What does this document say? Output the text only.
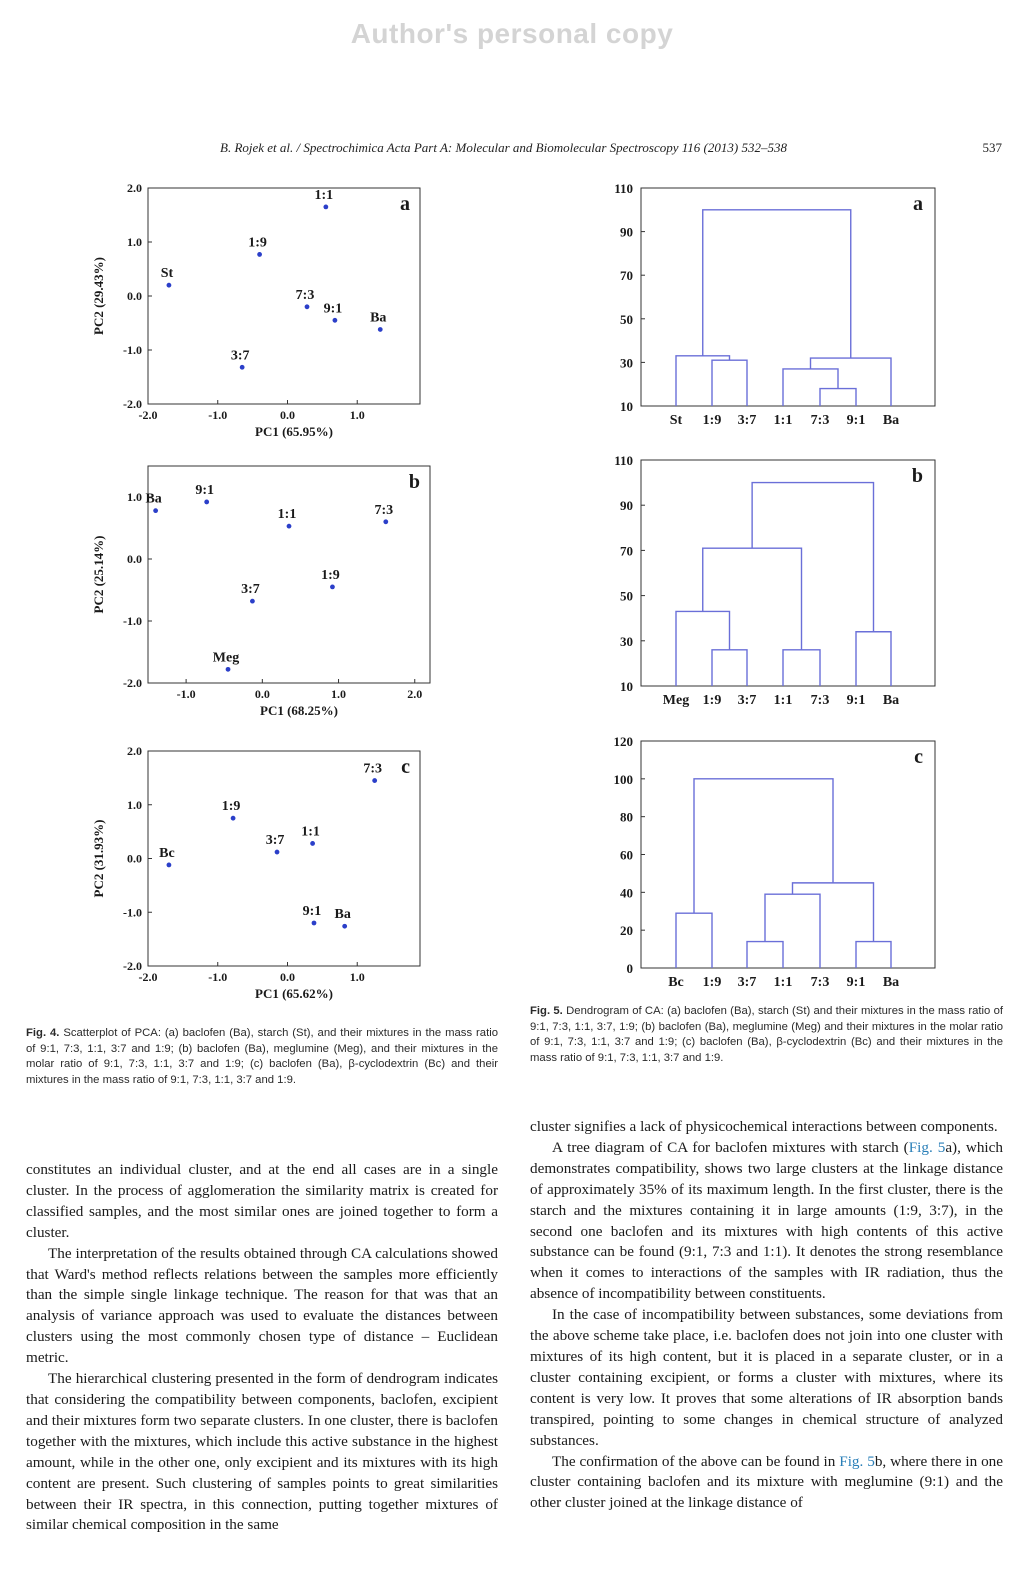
Author's personal copy
B. Rojek et al. / Spectrochimica Acta Part A: Molecular and Biomolecular Spectroscopy 116 (2013) 532–538	537
-2.0	-1.0	0.0	1.0
2.0
1.0
0.0
-1.0
-2.0
PC1 (65.95%)
PC2 (29.43%)
a
1:1
1:9
St
7:3
9:1
Ba
3:7
-1.0	0.0	1.0	2.0
1.0
0.0
-1.0
-2.0
PC1 (68.25%)
PC2 (25.14%)
b
Ba
9:1
1:1	7:3
1:9
3:7
Meg
-2.0	-1.0	0.0	1.0
2.0
1.0
0.0
-1.0
-2.0
PC1 (65.62%)
PC2 (31.93%)
c
7:3
1:9
1:1
3:7
Bc
9:1 Ba
110
90
70
50
30
10
St 1:9 3:7 1:1 7:3 9:1 Ba
a
110
90
70
50
30
10
Meg 1:9 3:7 1:1 7:3 9:1 Ba
b
120
100
80
60
40
20
0
Bc 1:9 3:7 1:1 7:3 9:1 Ba
c
Fig. 4. Scatterplot of PCA: (a) baclofen (Ba), starch (St), and their mixtures in the mass ratio of 9:1, 7:3, 1:1, 3:7 and 1:9; (b) baclofen (Ba), meglumine (Meg), and their mixtures in the molar ratio of 9:1, 7:3, 1:1, 3:7 and 1:9; (c) baclofen (Ba), β-cyclodextrin (Bc) and their mixtures in the mass ratio of 9:1, 7:3, 1:1, 3:7 and 1:9.
Fig. 5. Dendrogram of CA: (a) baclofen (Ba), starch (St) and their mixtures in the mass ratio of 9:1, 7:3, 1:1, 3:7, 1:9; (b) baclofen (Ba), meglumine (Meg) and their mixtures in the molar ratio of 9:1, 7:3, 1:1, 3:7 and 1:9; (c) baclofen (Ba), β-cyclodextrin (Bc) and their mixtures in the mass ratio of 9:1, 7:3, 1:1, 3:7 and 1:9.

constitutes an individual cluster, and at the end all cases are in a single cluster. In the process of agglomeration the similarity matrix is created for classified samples, and the most similar ones are joined together to form a cluster.

The interpretation of the results obtained through CA calculations showed that Ward's method reflects relations between the samples more efficiently than the simple single linkage technique. The reason for that was that an analysis of variance approach was used to evaluate the distances between clusters using the most commonly chosen type of distance – Euclidean metric.

The hierarchical clustering presented in the form of dendrogram indicates that considering the compatibility between components, baclofen, excipient and their mixtures form two separate clusters. In one cluster, there is baclofen together with the mixtures, which include this active substance in the highest amount, while in the other one, only excipient and its mixtures with its high content are present. Such clustering of samples points to great similarities between their IR spectra, in this connection, putting together mixtures of similar chemical composition in the same

cluster signifies a lack of physicochemical interactions between components.

A tree diagram of CA for baclofen mixtures with starch (Fig. 5a), which demonstrates compatibility, shows two large clusters at the linkage distance of approximately 35% of its maximum length. In the first cluster, there is the starch and the mixtures containing it in large amounts (1:9, 3:7), in the second one baclofen and its mixtures with high contents of this active substance can be found (9:1, 7:3 and 1:1). It denotes the strong resemblance when it comes to interactions of the samples with IR radiation, thus the absence of incompatibility between constituents.

In the case of incompatibility between substances, some deviations from the above scheme take place, i.e. baclofen does not join into one cluster with mixtures of its high content, but it is placed in a separate cluster, or in a cluster containing excipient, or forms a cluster with mixtures, where its content is very low. It proves that some alterations of IR absorption bands transpired, pointing to some changes in chemical structure of analyzed substances.

The confirmation of the above can be found in Fig. 5b, where there in one cluster containing baclofen and its mixture with meglumine (9:1) and the other cluster joined at the linkage distance of
